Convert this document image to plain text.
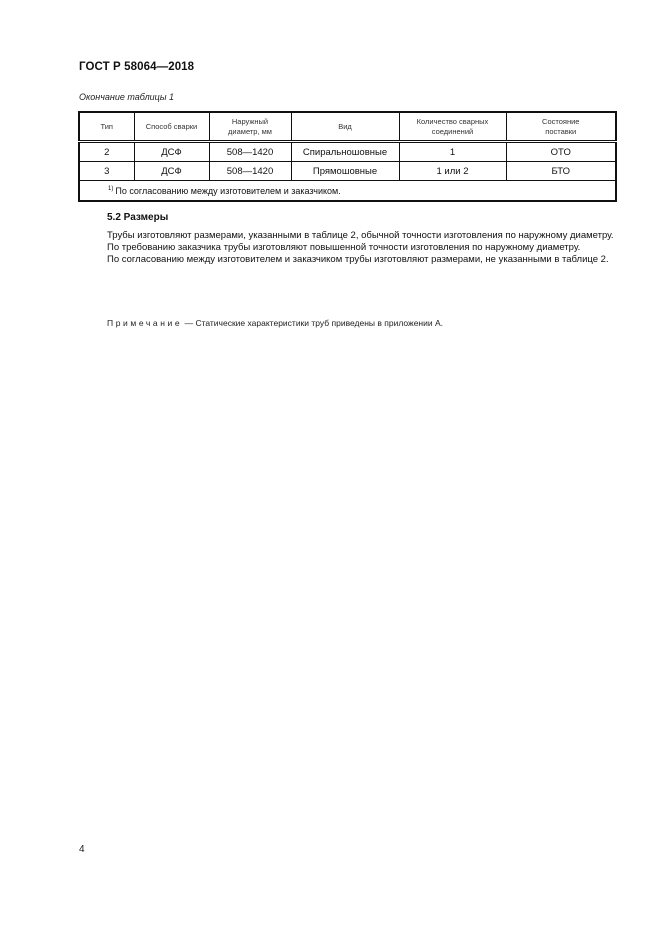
ГОСТ Р 58064—2018
Окончание таблицы 1
Тип	Способ сварки	Наружный диаметр, мм	Вид	Количество сварных соединений	Состояние поставки
2	ДСФ	508—1420	Спиральношовные	1	ОТО
3	ДСФ	508—1420	Прямошовные	1 или 2	БТО
$^{1)}$ По согласованию между изготовителем и заказчиком.					
5.2 Размеры

Трубы изготовляют размерами, указанными в таблице 2, обычной точности изготовления по наружному диаметру.

По требованию заказчика трубы изготовляют повышенной точности изготовления по наружному диаметру.

По согласованию между изготовителем и заказчиком трубы изготовляют размерами, не указанными в таблице 2.

Примечание — Статические характеристики труб приведены в приложении А.
4
